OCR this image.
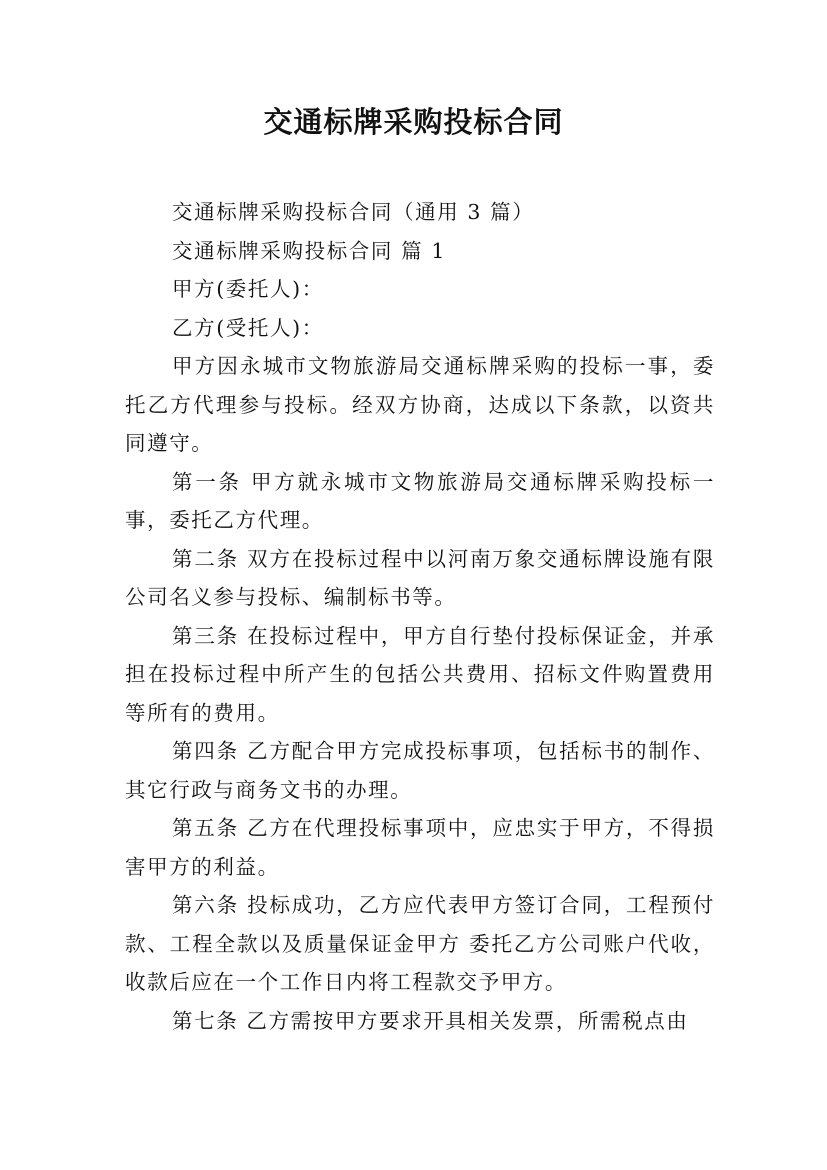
交通标牌采购投标合同

交通标牌采购投标合同（通用 3 篇）

交通标牌采购投标合同 篇 1

甲方(委托人)：

乙方(受托人)：

甲方因永城市文物旅游局交通标牌采购的投标一事，委托乙方代理参与投标。经双方协商，达成以下条款，以资共同遵守。

第一条 甲方就永城市文物旅游局交通标牌采购投标一事，委托乙方代理。

第二条 双方在投标过程中以河南万象交通标牌设施有限公司名义参与投标、编制标书等。

第三条 在投标过程中，甲方自行垫付投标保证金，并承担在投标过程中所产生的包括公共费用、招标文件购置费用等所有的费用。

第四条 乙方配合甲方完成投标事项，包括标书的制作、其它行政与商务文书的办理。

第五条 乙方在代理投标事项中，应忠实于甲方，不得损害甲方的利益。

第六条 投标成功，乙方应代表甲方签订合同，工程预付款、工程全款以及质量保证金甲方 委托乙方公司账户代收，收款后应在一个工作日内将工程款交予甲方。

第七条 乙方需按甲方要求开具相关发票，所需税点由
